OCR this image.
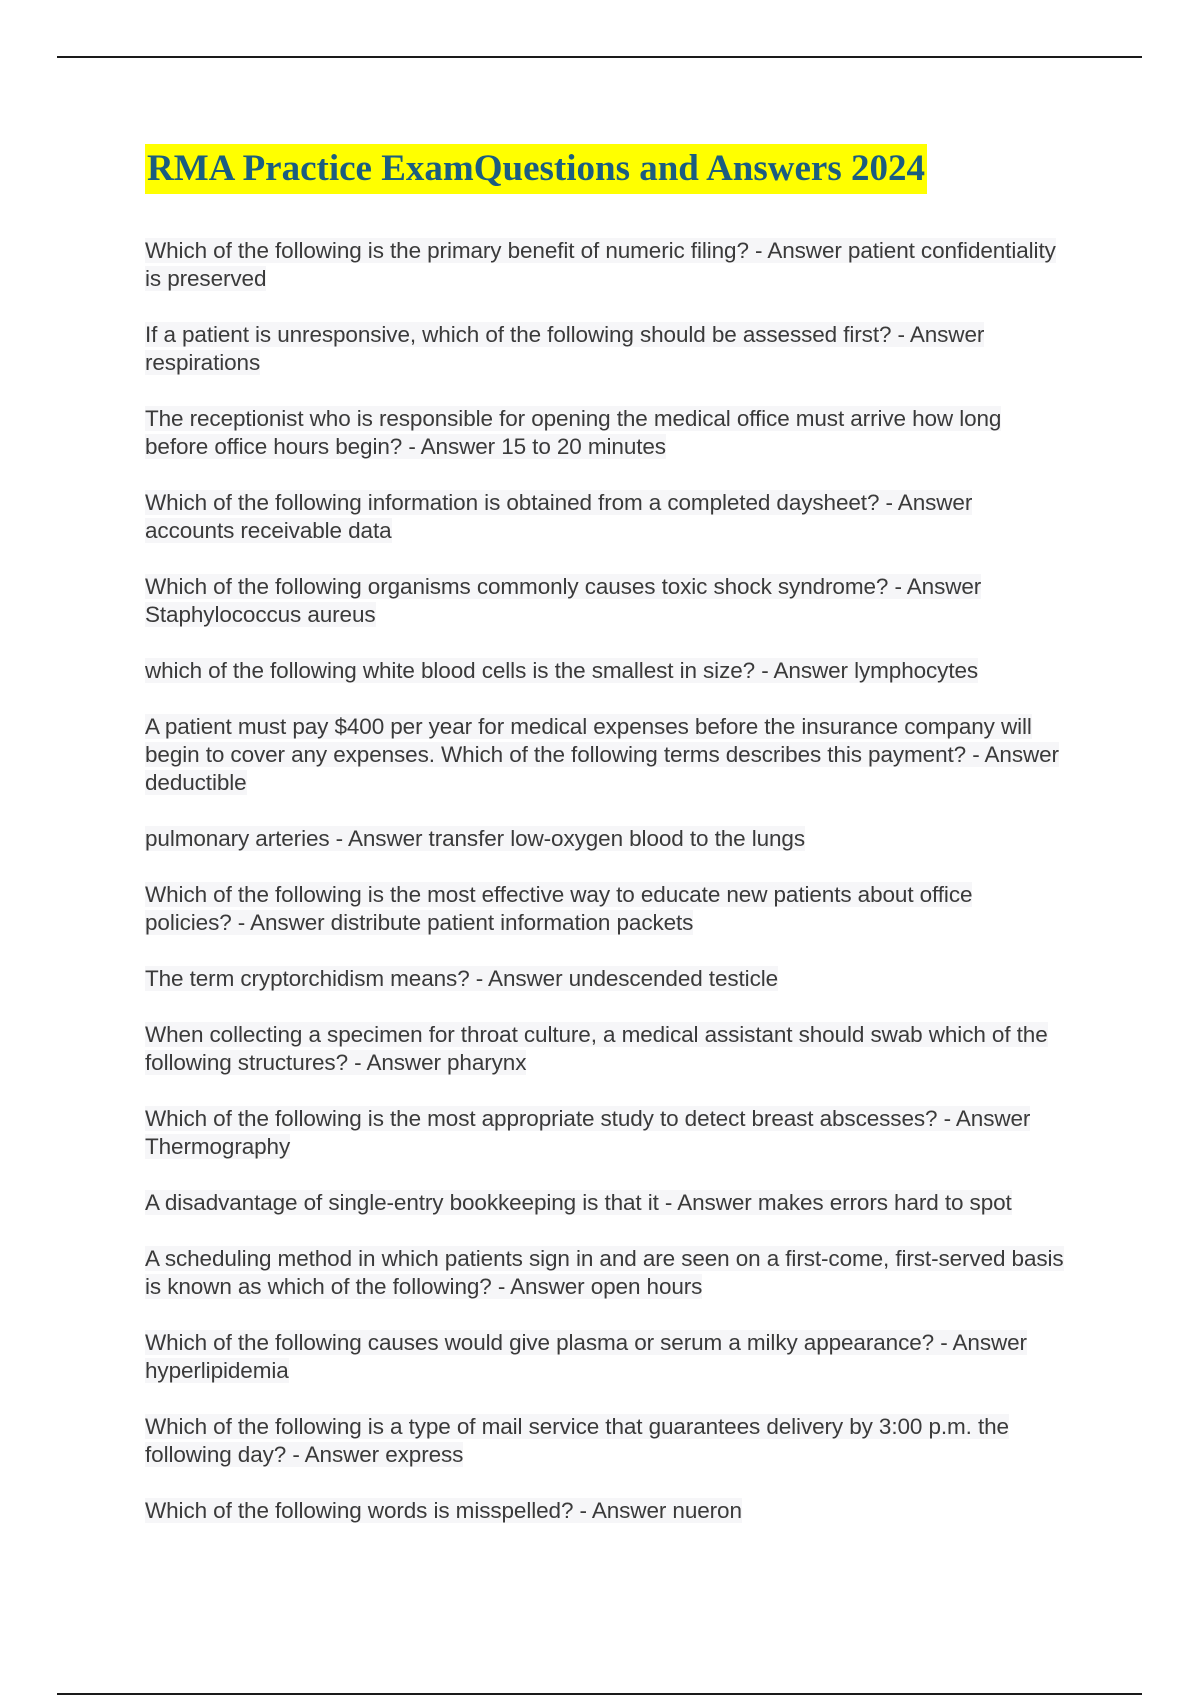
RMA Practice ExamQuestions and Answers 2024
Which of the following is the primary benefit of numeric filing? - Answer patient confidentiality is preserved
If a patient is unresponsive, which of the following should be assessed first? - Answer respirations
The receptionist who is responsible for opening the medical office must arrive how long before office hours begin? - Answer 15 to 20 minutes
Which of the following information is obtained from a completed daysheet? - Answer accounts receivable data
Which of the following organisms commonly causes toxic shock syndrome? - Answer Staphylococcus aureus
which of the following white blood cells is the smallest in size? - Answer lymphocytes
A patient must pay $400 per year for medical expenses before the insurance company will begin to cover any expenses. Which of the following terms describes this payment? - Answer deductible
pulmonary arteries - Answer transfer low-oxygen blood to the lungs
Which of the following is the most effective way to educate new patients about office policies? - Answer distribute patient information packets
The term cryptorchidism means? - Answer undescended testicle
When collecting a specimen for throat culture, a medical assistant should swab which of the following structures? - Answer pharynx
Which of the following is the most appropriate study to detect breast abscesses? - Answer Thermography
A disadvantage of single-entry bookkeeping is that it - Answer makes errors hard to spot
A scheduling method in which patients sign in and are seen on a first-come, first-served basis is known as which of the following? - Answer open hours
Which of the following causes would give plasma or serum a milky appearance? - Answer hyperlipidemia
Which of the following is a type of mail service that guarantees delivery by 3:00 p.m. the following day? - Answer express
Which of the following words is misspelled? - Answer nueron
